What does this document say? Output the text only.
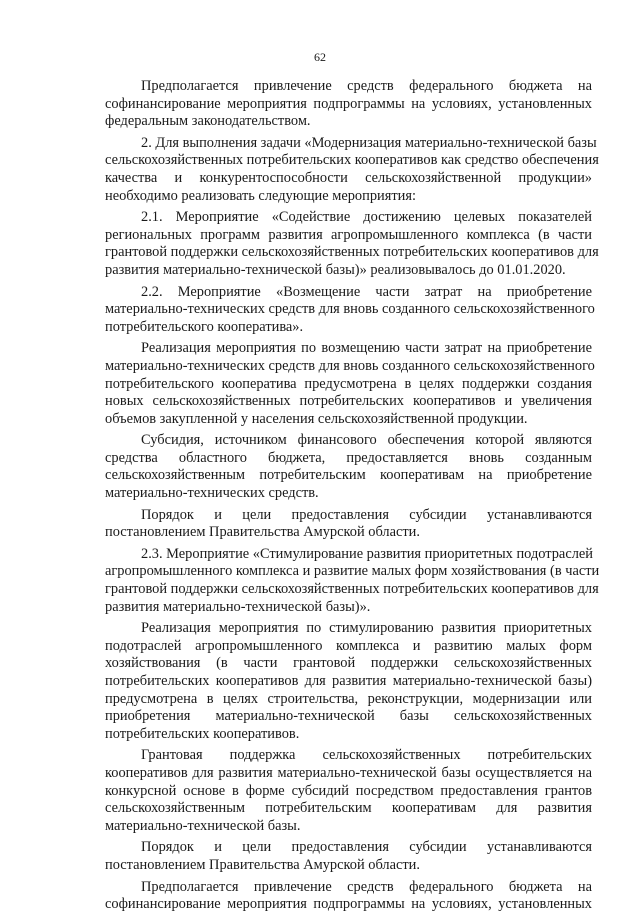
62

Предполагается привлечение средств федерального бюджета на
софинансирование мероприятия подпрограммы на условиях, установленных
федеральным законодательством.

2. Для выполнения задачи «Модернизация материально-технической базы
сельскохозяйственных потребительских кооперативов как средство обеспечения
качества и конкурентоспособности сельскохозяйственной продукции»
необходимо реализовать следующие мероприятия:

2.1. Мероприятие «Содействие достижению целевых показателей
региональных программ развития агропромышленного комплекса (в части
грантовой поддержки сельскохозяйственных потребительских кооперативов для
развития материально-технической базы)» реализовывалось до 01.01.2020.

2.2. Мероприятие «Возмещение части затрат на приобретение
материально-технических средств для вновь созданного сельскохозяйственного
потребительского кооператива».

Реализация мероприятия по возмещению части затрат на приобретение
материально-технических средств для вновь созданного сельскохозяйственного
потребительского кооператива предусмотрена в целях поддержки создания
новых сельскохозяйственных потребительских кооперативов и увеличения
объемов закупленной у населения сельскохозяйственной продукции.

Субсидия, источником финансового обеспечения которой являются
средства областного бюджета, предоставляется вновь созданным
сельскохозяйственным потребительским кооперативам на приобретение
материально-технических средств.

Порядок и цели предоставления субсидии устанавливаются
постановлением Правительства Амурской области.

2.3. Мероприятие «Стимулирование развития приоритетных подотраслей
агропромышленного комплекса и развитие малых форм хозяйствования (в части
грантовой поддержки сельскохозяйственных потребительских кооперативов для
развития материально-технической базы)».

Реализация мероприятия по стимулированию развития приоритетных
подотраслей агропромышленного комплекса и развитию малых форм
хозяйствования (в части грантовой поддержки сельскохозяйственных
потребительских кооперативов для развития материально-технической базы)
предусмотрена в целях строительства, реконструкции, модернизации или
приобретения материально-технической базы сельскохозяйственных
потребительских кооперативов.

Грантовая поддержка сельскохозяйственных потребительских
кооперативов для развития материально-технической базы осуществляется на
конкурсной основе в форме субсидий посредством предоставления грантов
сельскохозяйственным потребительским кооперативам для развития
материально-технической базы.

Порядок и цели предоставления субсидии устанавливаются
постановлением Правительства Амурской области.

Предполагается привлечение средств федерального бюджета на
софинансирование мероприятия подпрограммы на условиях, установленных
